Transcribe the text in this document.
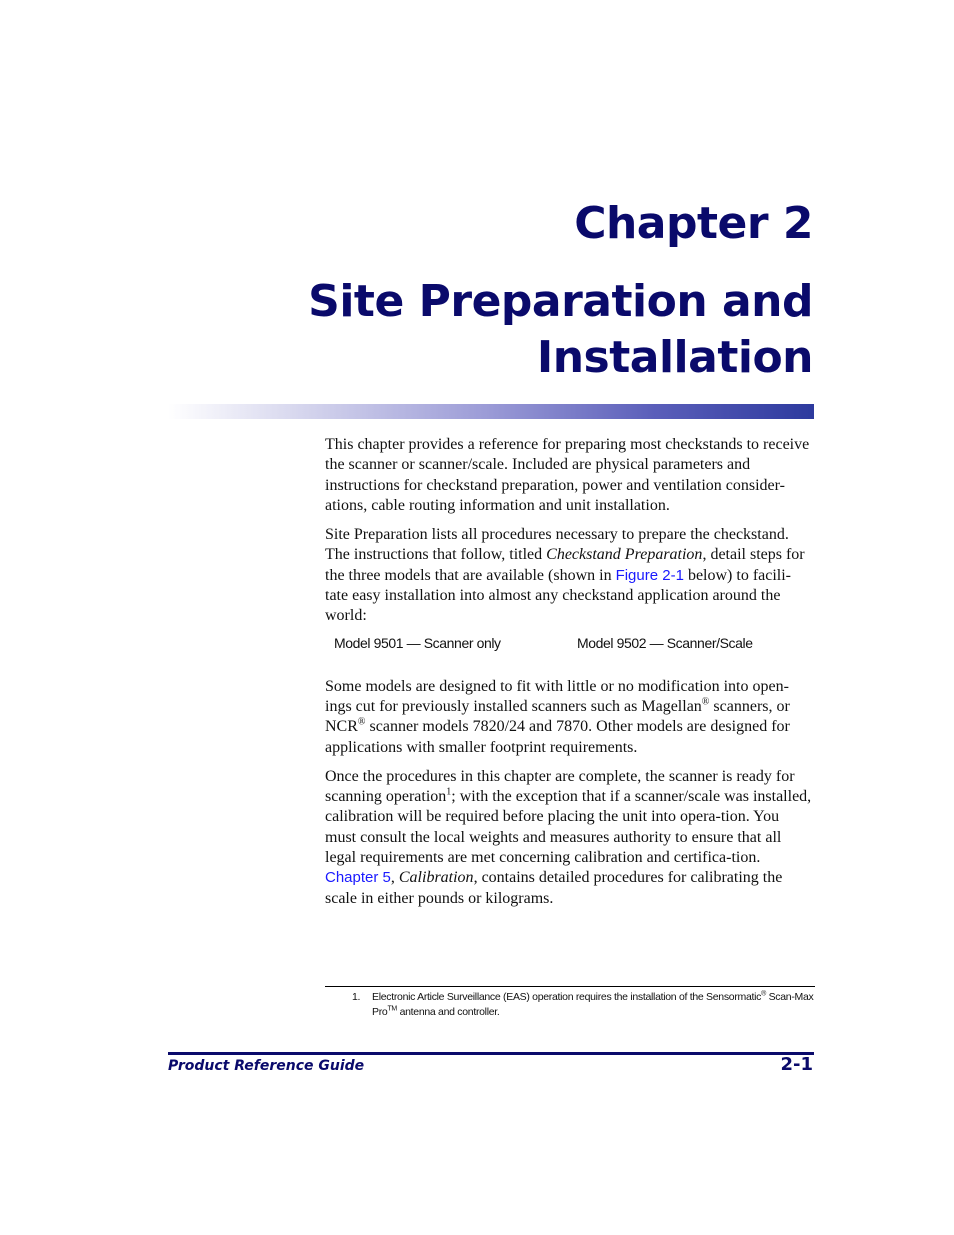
Chapter 2
Site Preparation and Installation

This chapter provides a reference for preparing most checkstands to receive the scanner or scanner/scale. Included are physical parameters and instructions for checkstand preparation, power and ventilation consider-ations, cable routing information and unit installation.

Site Preparation lists all procedures necessary to prepare the checkstand. The instructions that follow, titled Checkstand Preparation, detail steps for the three models that are available (shown in Figure 2-1 below) to facili-tate easy installation into almost any checkstand application around the world:

Model 9501 — Scanner only	Model 9502 — Scanner/Scale

Some models are designed to fit with little or no modification into open-ings cut for previously installed scanners such as Magellan® scanners, or NCR® scanner models 7820/24 and 7870. Other models are designed for applications with smaller footprint requirements.

Once the procedures in this chapter are complete, the scanner is ready for scanning operation$^1$; with the exception that if a scanner/scale was installed, calibration will be required before placing the unit into opera-tion. You must consult the local weights and measures authority to ensure that all legal requirements are met concerning calibration and certifica-tion. Chapter 5, Calibration, contains detailed procedures for calibrating the scale in either pounds or kilograms.

1. Electronic Article Surveillance (EAS) operation requires the installation of the Sensormatic® Scan-Max Pro™ antenna and controller.
Product Reference Guide	2-1
